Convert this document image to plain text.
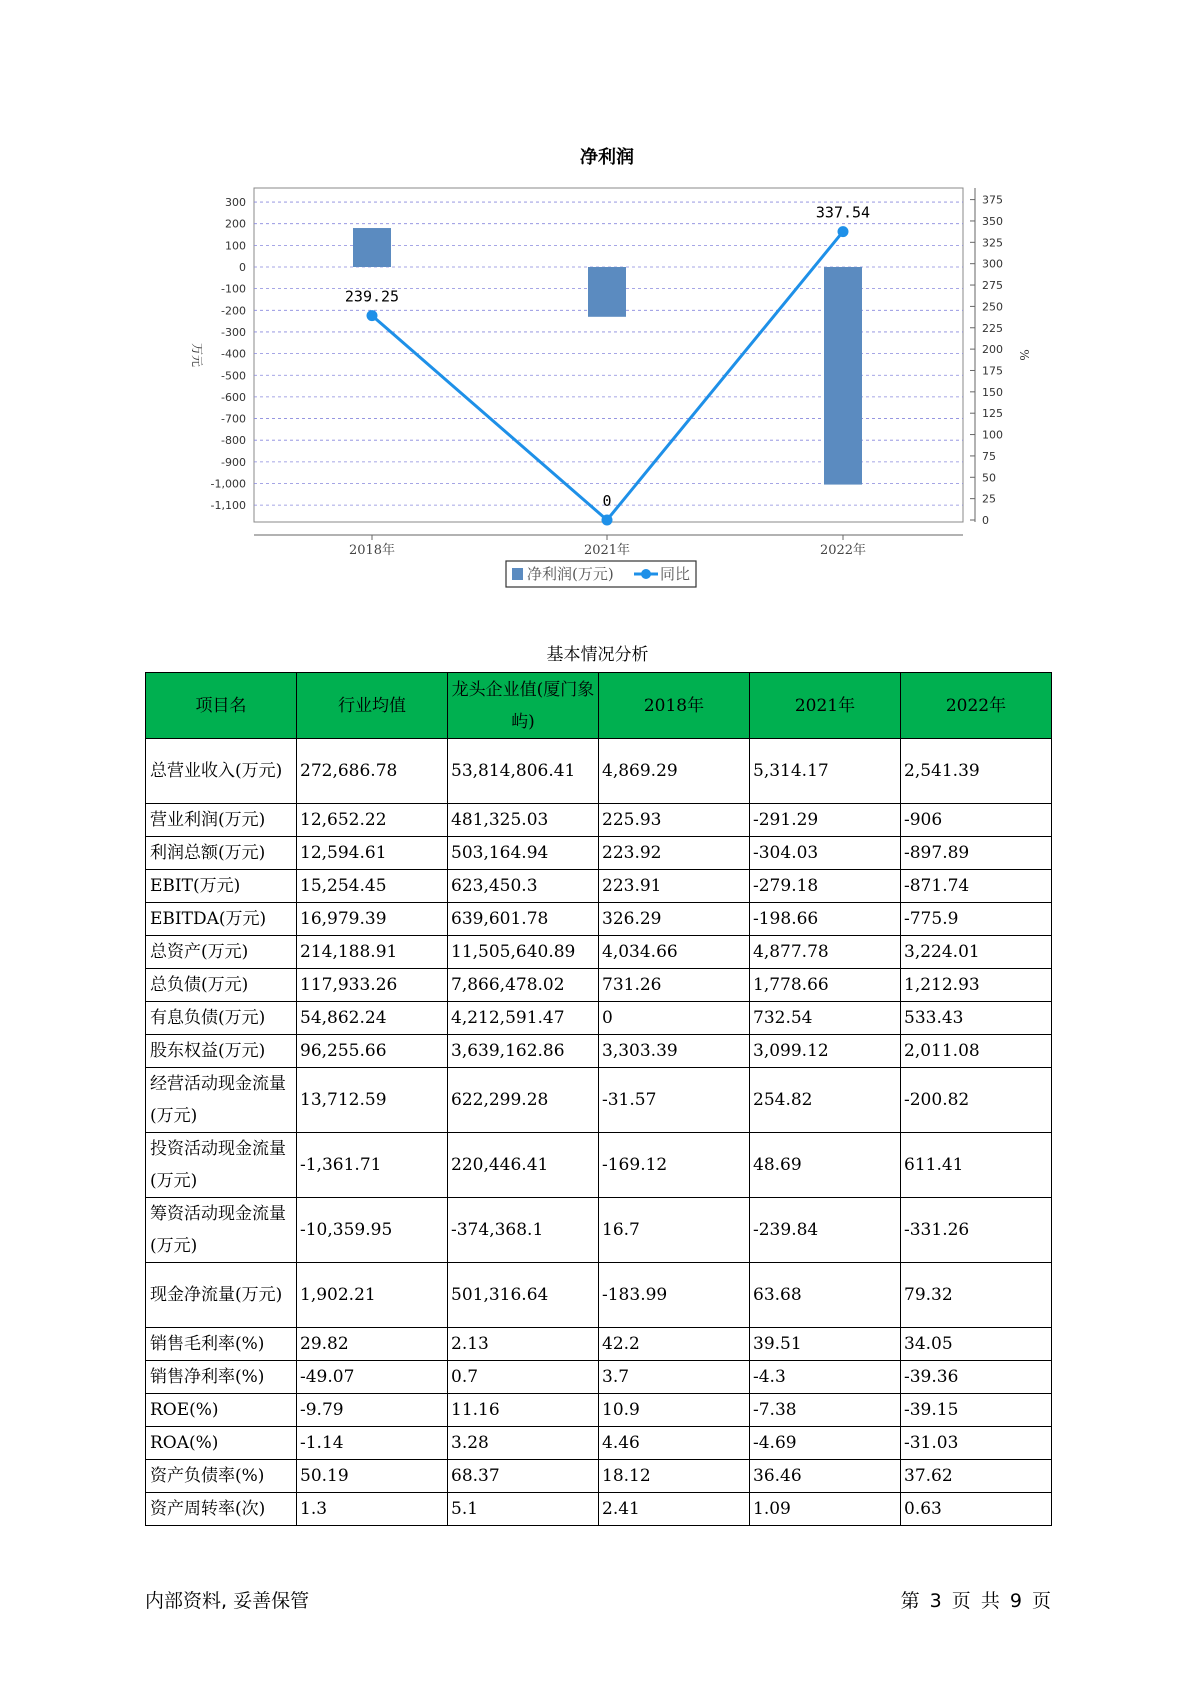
净利润
300
200
100
0
-100
-200
-300
-400
-500
-600
-700
-800
-900
-1,000
-1,100
375
350
325
300
275
250
225
200
175
150
125
100
75
50
25
0
2018年	2021年	2022年
万元	%
239.25
0
337.54
净利润(万元)	同比
基本情况分析
项目名	行业均值	龙头企业值(厦门象屿)	2018年	2021年	2022年
总营业收入(万元)	272,686.78	53,814,806.41	4,869.29	5,314.17	2,541.39
营业利润(万元)	12,652.22	481,325.03	225.93	-291.29	-906
利润总额(万元)	12,594.61	503,164.94	223.92	-304.03	-897.89
EBIT(万元)	15,254.45	623,450.3	223.91	-279.18	-871.74
EBITDA(万元)	16,979.39	639,601.78	326.29	-198.66	-775.9
总资产(万元)	214,188.91	11,505,640.89	4,034.66	4,877.78	3,224.01
总负债(万元)	117,933.26	7,866,478.02	731.26	1,778.66	1,212.93
有息负债(万元)	54,862.24	4,212,591.47	0	732.54	533.43
股东权益(万元)	96,255.66	3,639,162.86	3,303.39	3,099.12	2,011.08
经营活动现金流量(万元)	13,712.59	622,299.28	-31.57	254.82	-200.82
投资活动现金流量(万元)	-1,361.71	220,446.41	-169.12	48.69	611.41
筹资活动现金流量(万元)	-10,359.95	-374,368.1	16.7	-239.84	-331.26
现金净流量(万元)	1,902.21	501,316.64	-183.99	63.68	79.32
销售毛利率(%)	29.82	2.13	42.2	39.51	34.05
销售净利率(%)	-49.07	0.7	3.7	-4.3	-39.36
ROE(%)	-9.79	11.16	10.9	-7.38	-39.15
ROA(%)	-1.14	3.28	4.46	-4.69	-31.03
资产负债率(%)	50.19	68.37	18.12	36.46	37.62
资产周转率(次)	1.3	5.1	2.41	1.09	0.63
内部资料, 妥善保管	第 3 页 共 9 页
